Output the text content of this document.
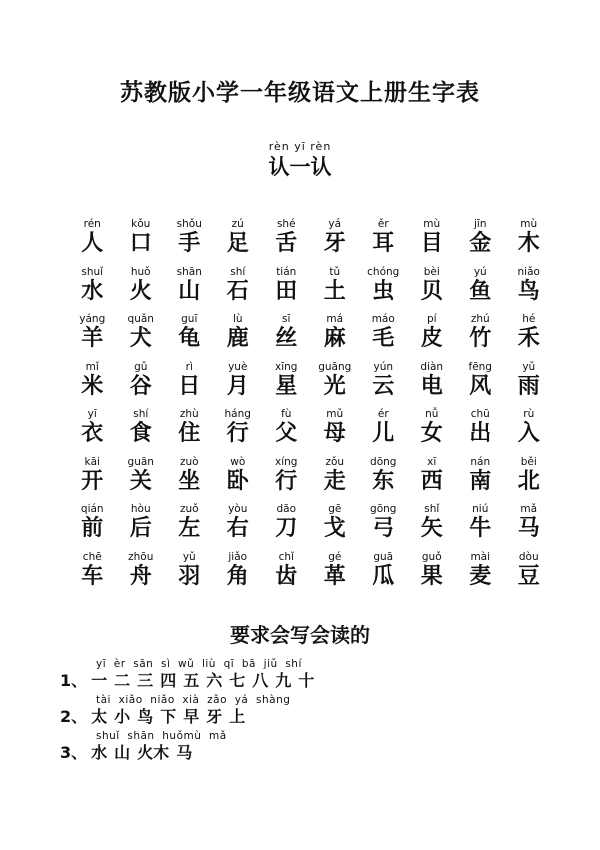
苏教版小学一年级语文上册生字表
rèn yī rèn
认一认
rén
人
kǒu
口
shǒu
手
zú
足
shé
舌
yá
牙
ěr
耳
mù
目
jīn
金
mù
木
shuǐ
水
huǒ
火
shān
山
shí
石
tián
田
tǔ
土
chóng
虫
bèi
贝
yú
鱼
niǎo
鸟
yáng
羊
quǎn
犬
guī
龟
lù
鹿
sī
丝
má
麻
máo
毛
pí
皮
zhú
竹
hé
禾
mǐ
米
gǔ
谷
rì
日
yuè
月
xīng
星
guāng
光
yún
云
diàn
电
fēng
风
yǔ
雨
yī
衣
shí
食
zhù
住
háng
行
fù
父
mǔ
母
ér
儿
nǚ
女
chū
出
rù
入
kāi
开
guān
关
zuò
坐
wò
卧
xíng
行
zǒu
走
dōng
东
xī
西
nán
南
běi
北
qián
前
hòu
后
zuǒ
左
yòu
右
dāo
刀
gē
戈
gōng
弓
shǐ
矢
niú
牛
mǎ
马
chē
车
zhōu
舟
yǔ
羽
jiǎo
角
chǐ
齿
gé
革
guā
瓜
guǒ
果
mài
麦
dòu
豆
要求会写会读的
yī  èr  sān  sì  wǔ  liù  qī  bā  jiǔ  shí
1、 一 二 三 四 五 六 七 八 九 十
tài  xiǎo  niǎo  xià  zǎo  yá  shàng
2、 太 小 鸟 下 早 牙 上
shuǐ  shān  huǒmù  mǎ
3、 水 山 火木 马
